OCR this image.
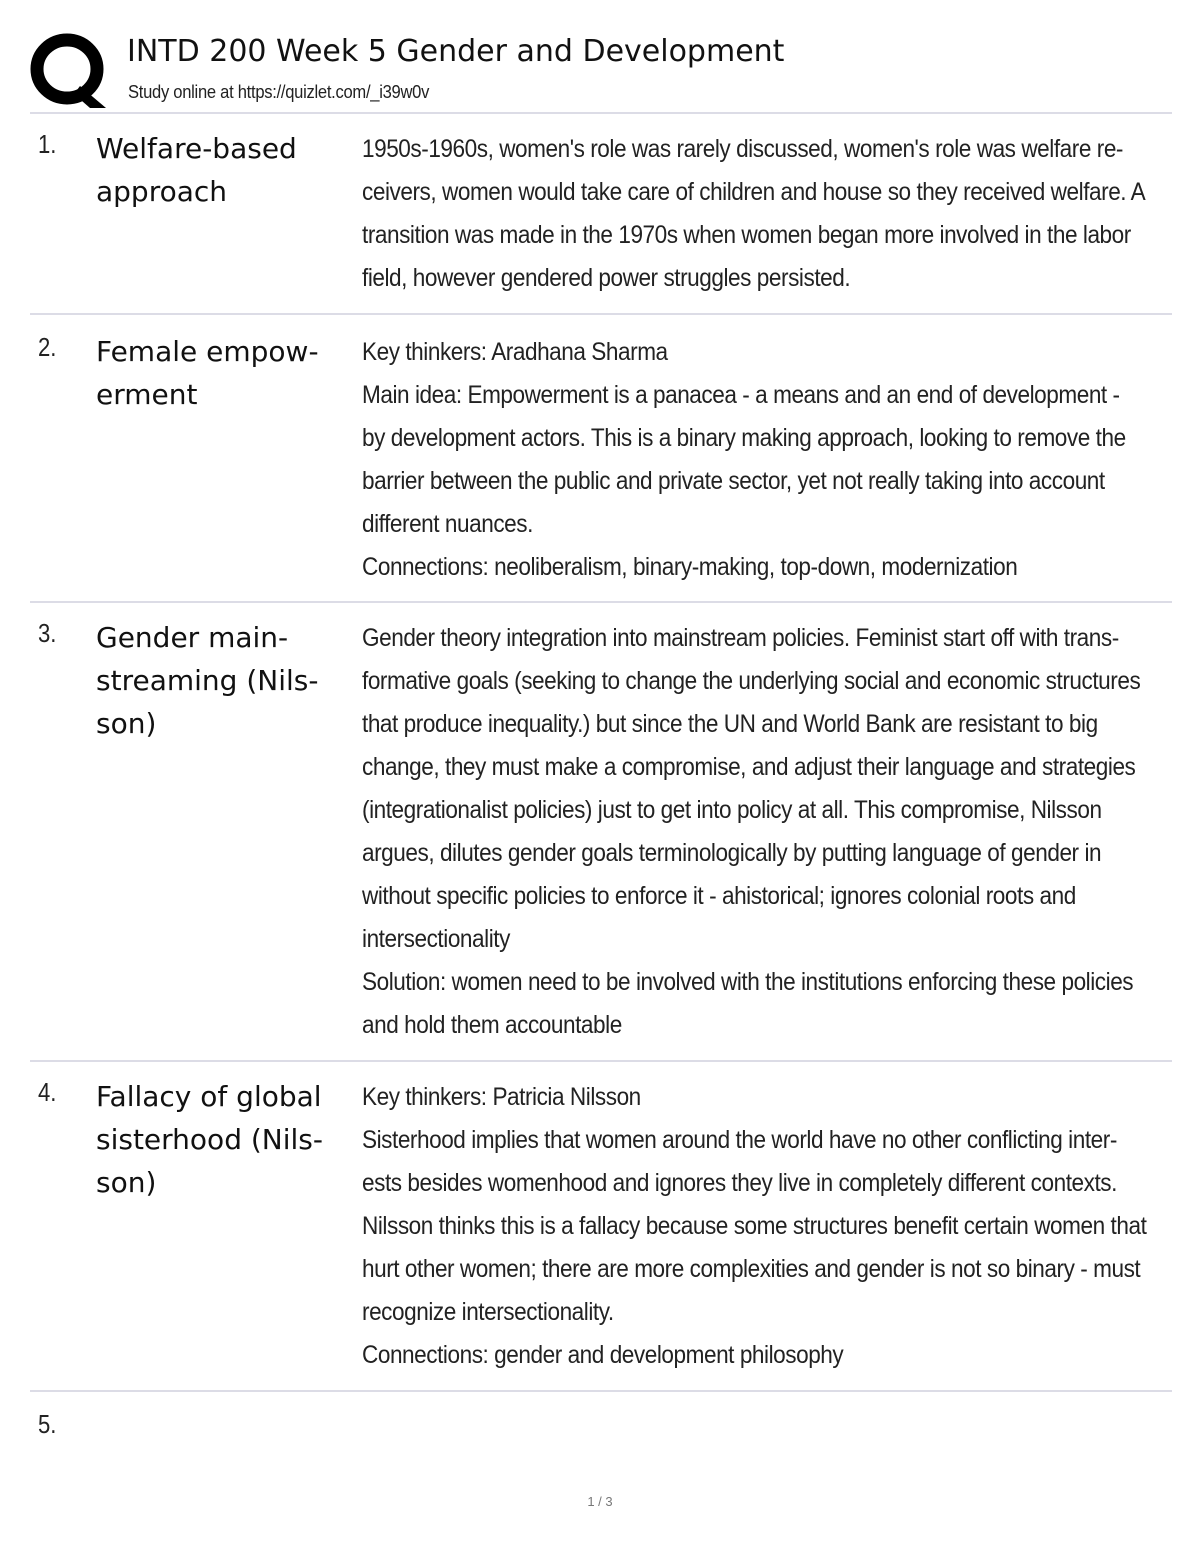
INTD 200 Week 5 Gender and Development
Study online at https://quizlet.com/_i39w0v
1. Welfare-based approach
1950s-1960s, women's role was rarely discussed, women's role was welfare re-
ceivers, women would take care of children and house so they received welfare. A
transition was made in the 1970s when women began more involved in the labor
field, however gendered power struggles persisted.
2. Female empow-erment
Key thinkers: Aradhana Sharma
Main idea: Empowerment is a panacea - a means and an end of development -
by development actors. This is a binary making approach, looking to remove the
barrier between the public and private sector, yet not really taking into account
different nuances.
Connections: neoliberalism, binary-making, top-down, modernization
3. Gender main-streaming (Nils-son)
Gender theory integration into mainstream policies. Feminist start off with trans-
formative goals (seeking to change the underlying social and economic structures
that produce inequality.) but since the UN and World Bank are resistant to big
change, they must make a compromise, and adjust their language and strategies
(integrationalist policies) just to get into policy at all. This compromise, Nilsson
argues, dilutes gender goals terminologically by putting language of gender in
without specific policies to enforce it - ahistorical; ignores colonial roots and
intersectionality
Solution: women need to be involved with the institutions enforcing these policies
and hold them accountable
4. Fallacy of global sisterhood (Nils-son)
Key thinkers: Patricia Nilsson
Sisterhood implies that women around the world have no other conflicting inter-
ests besides womenhood and ignores they live in completely different contexts.
Nilsson thinks this is a fallacy because some structures benefit certain women that
hurt other women; there are more complexities and gender is not so binary - must
recognize intersectionality.
Connections: gender and development philosophy
5.
1 / 3
